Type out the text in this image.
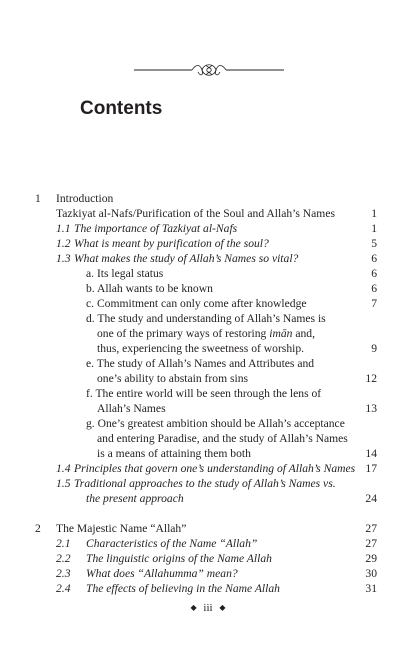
Contents
1 Introduction
Tazkiyat al-Nafs/Purification of the Soul and Allah’s Names	1
1.1 The importance of Tazkiyat al-Nafs	1
1.2 What is meant by purification of the soul?	5
1.3 What makes the study of Allah’s Names so vital?	6
a. Its legal status	6
b. Allah wants to be known	6
c. Commitment can only come after knowledge	7
d. The study and understanding of Allah’s Names is
one of the primary ways of restoring imān and,
thus, experiencing the sweetness of worship.	9
e. The study of Allah’s Names and Attributes and
one’s ability to abstain from sins	12
f. The entire world will be seen through the lens of
Allah’s Names	13
g. One’s greatest ambition should be Allah’s acceptance
and entering Paradise, and the study of Allah’s Names
is a means of attaining them both	14
1.4 Principles that govern one’s understanding of Allah’s Names 17
1.5 Traditional approaches to the study of Allah’s Names vs.
the present approach	24
2 The Majestic Name “Allah”	27
2.1 Characteristics of the Name “Allah”	27
2.2 The linguistic origins of the Name Allah	29
2.3 What does “Allahumma” mean?	30
2.4 The effects of believing in the Name Allah	31
◆ iii ◆
